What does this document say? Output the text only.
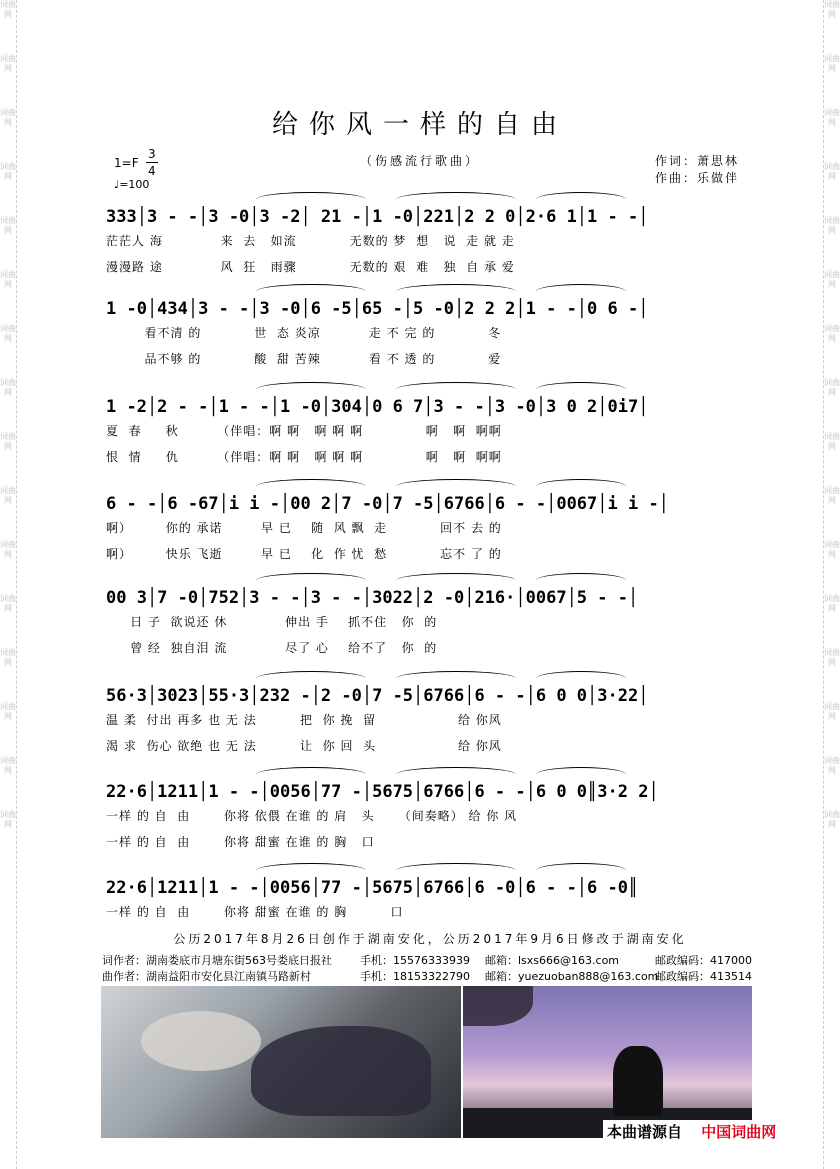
词曲网
词曲网
词曲网
词曲网
词曲网
词曲网
词曲网
词曲网
词曲网
词曲网
词曲网
词曲网
词曲网
词曲网
词曲网
词曲网
词曲网
词曲网
词曲网
词曲网
词曲网
词曲网
词曲网
词曲网
词曲网
词曲网
词曲网
词曲网
词曲网
词曲网
词曲网
词曲网
给你风一样的自由
（伤感流行歌曲）
1=F
3
4
♩=100
作词：萧思林
作曲：乐做伴
333│3 - -│3 -0│3 -2│ 21 -│1 -0│221│2 2 0│2·6 1│1 - -│
茫茫人 海            来  去   如流           无数的 梦  想   说  走 就 走
漫漫路 途            风  狂   雨骤           无数的 艰  难   独  自 承 爱
1 -0│434│3 - -│3 -0│6 -5│65 -│5 -0│2 2 2│1 - -│0 6 -│
看不清 的           世  态 炎凉          走 不 完 的           冬
品不够 的           酸  甜 苦辣          看 不 透 的           爱
1 -2│2 - -│1 - -│1 -0│304│0 6 7│3 - -│3 -0│3 0 2│0i7│
夏  春     秋        （伴唱：啊 啊   啊 啊 啊             啊   啊  啊啊
恨  情     仇        （伴唱：啊 啊   啊 啊 啊             啊   啊  啊啊
6 - -│6 -67│i i -│00 2│7 -0│7 -5│6766│6 - -│0067│i i -│
啊）       你的 承诺        早 已    随  风 飘  走           回不 去 的
啊）       快乐 飞逝        早 已    化  作 忧  愁           忘不 了 的
00 3│7 -0│752│3 - -│3 - -│3022│2 -0│216·│0067│5 - -│
日 子  欲说还 休            伸出 手    抓不住   你  的
曾 经  独自泪 流            尽了 心    给不了   你  的
56·3│3023│55·3│232 -│2 -0│7 -5│6766│6 - -│6 0 0│3·22│
温 柔  付出 再多 也 无 法         把  你 挽  留                 给 你风
渴 求  伤心 欲绝 也 无 法         让  你 回  头                 给 你风
22·6│1211│1 - -│0056│77 -│5675│6766│6 - -│6 0 0║3·2 2│
一样 的 自  由       你将 依偎 在谁 的 肩   头     （间奏略） 给 你 风
一样 的 自  由       你将 甜蜜 在谁 的 胸   口
22·6│1211│1 - -│0056│77 -│5675│6766│6 -0│6 - -│6 -0║
一样 的 自  由       你将 甜蜜 在谁 的 胸         口
公历2017年8月26日创作于湖南安化，公历2017年9月6日修改于湖南安化
词作者：湖南娄底市月塘东街563号娄底日报社	手机：15576333939 邮箱：lsxs666@163.com	邮政编码：417000
曲作者：湖南益阳市安化县江南镇马路新村	手机：18153322790 邮箱：yuezuoban888@163.com
邮政编码：413514
本曲谱源自 中国词曲网
